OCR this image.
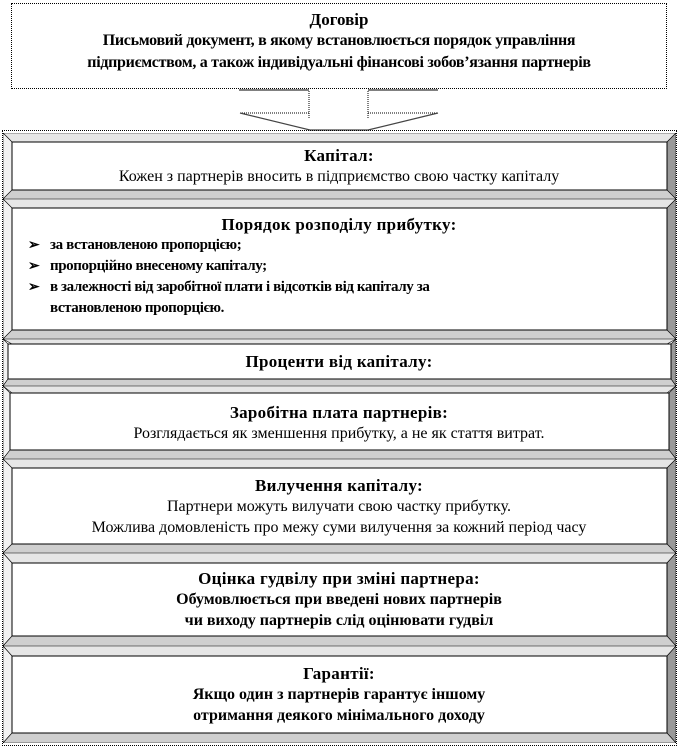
Договір
Письмовий документ, в якому встановлюється порядок управління
підприємством, а також індивідуальні фінансові зобов’язання партнерів
Капітал:
Кожен з партнерів вносить в підприємство свою частку капіталу
Порядок розподілу прибутку:
➢ за встановленою пропорцією;
➢ пропорційно внесеному капіталу;
➢ в залежності від заробітної плати і відсотків від капіталу за
встановленою пропорцією.
Проценти від капіталу:
Заробітна плата партнерів:
Розглядається як зменшення прибутку, а не як стаття витрат.
Вилучення капіталу:
Партнери можуть вилучати свою частку прибутку.
Можлива домовленість про межу суми вилучення за кожний період часу
Оцінка гудвілу при зміні партнера:
Обумовлюється при введені нових партнерів
чи виходу партнерів слід оцінювати гудвіл
Гарантії:
Якщо один з партнерів гарантує іншому
отримання деякого мінімального доходу
